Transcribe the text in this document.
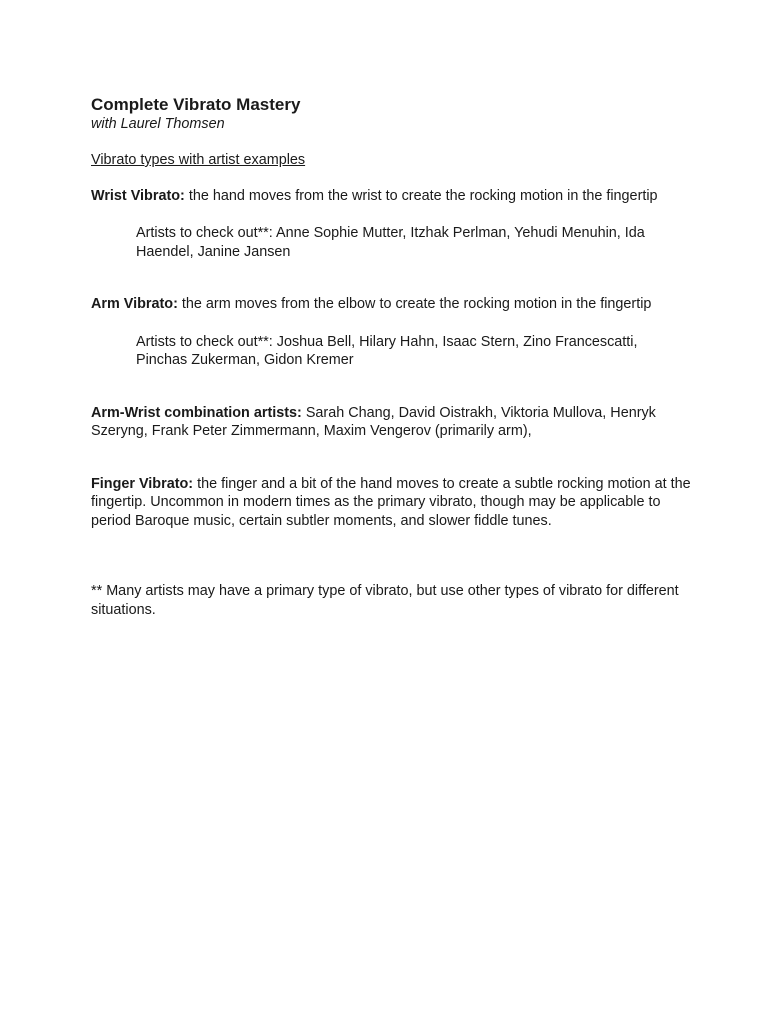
Complete Vibrato Mastery

with Laurel Thomsen

Vibrato types with artist examples

Wrist Vibrato: the hand moves from the wrist to create the rocking motion in the fingertip

Artists to check out**: Anne Sophie Mutter, Itzhak Perlman, Yehudi Menuhin, Ida Haendel, Janine Jansen

Arm Vibrato: the arm moves from the elbow to create the rocking motion in the fingertip

Artists to check out**: Joshua Bell, Hilary Hahn, Isaac Stern, Zino Francescatti, Pinchas Zukerman, Gidon Kremer

Arm-Wrist combination artists: Sarah Chang, David Oistrakh, Viktoria Mullova, Henryk Szeryng, Frank Peter Zimmermann, Maxim Vengerov (primarily arm),

Finger Vibrato: the finger and a bit of the hand moves to create a subtle rocking motion at the fingertip. Uncommon in modern times as the primary vibrato, though may be applicable to period Baroque music, certain subtler moments, and slower fiddle tunes.

** Many artists may have a primary type of vibrato, but use other types of vibrato for different situations.
